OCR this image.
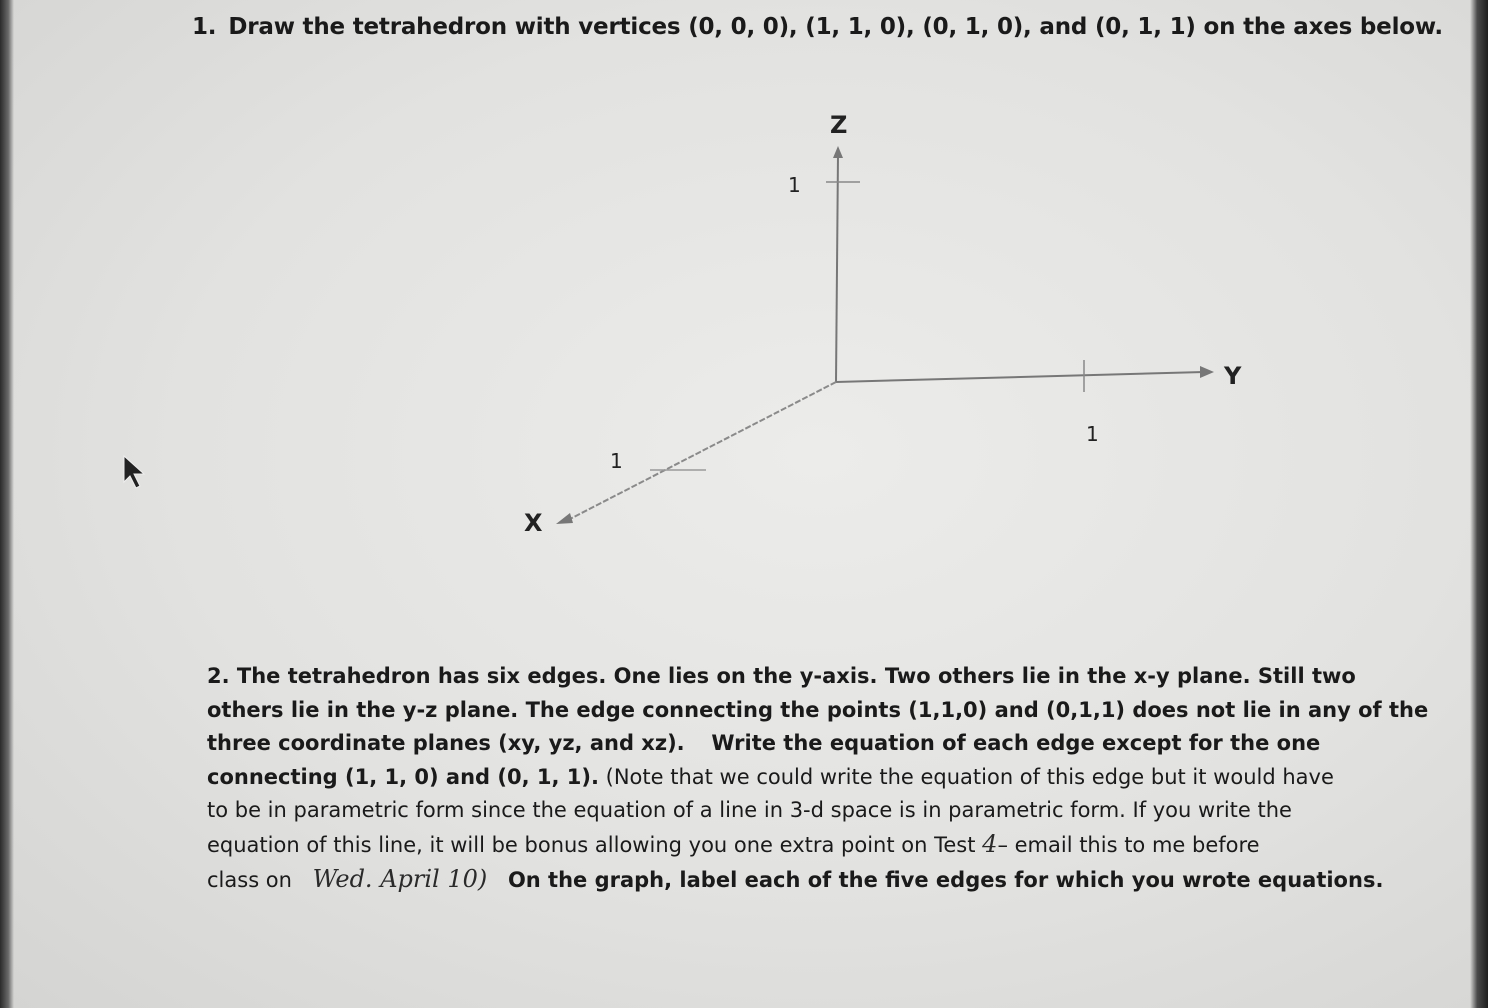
1. Draw the tetrahedron with vertices (0, 0, 0), (1, 1, 0), (0, 1, 0), and (0, 1, 1) on the axes below.
Z
Y
X
1
1
1

2. The tetrahedron has six edges. One lies on the y-axis. Two others lie in the x-y plane. Still two

others lie in the y-z plane. The edge connecting the points (1,1,0) and (0,1,1) does not lie in any of the

three coordinate planes (xy, yz, and xz). Write the equation of each edge except for the one

connecting (1, 1, 0) and (0, 1, 1). (Note that we could write the equation of this edge but it would have

to be in parametric form since the equation of a line in 3-d space is in parametric form. If you write the

equation of this line, it will be bonus allowing you one extra point on Test 4– email this to me before

class on Wed. April 10) On the graph, label each of the five edges for which you wrote equations.
